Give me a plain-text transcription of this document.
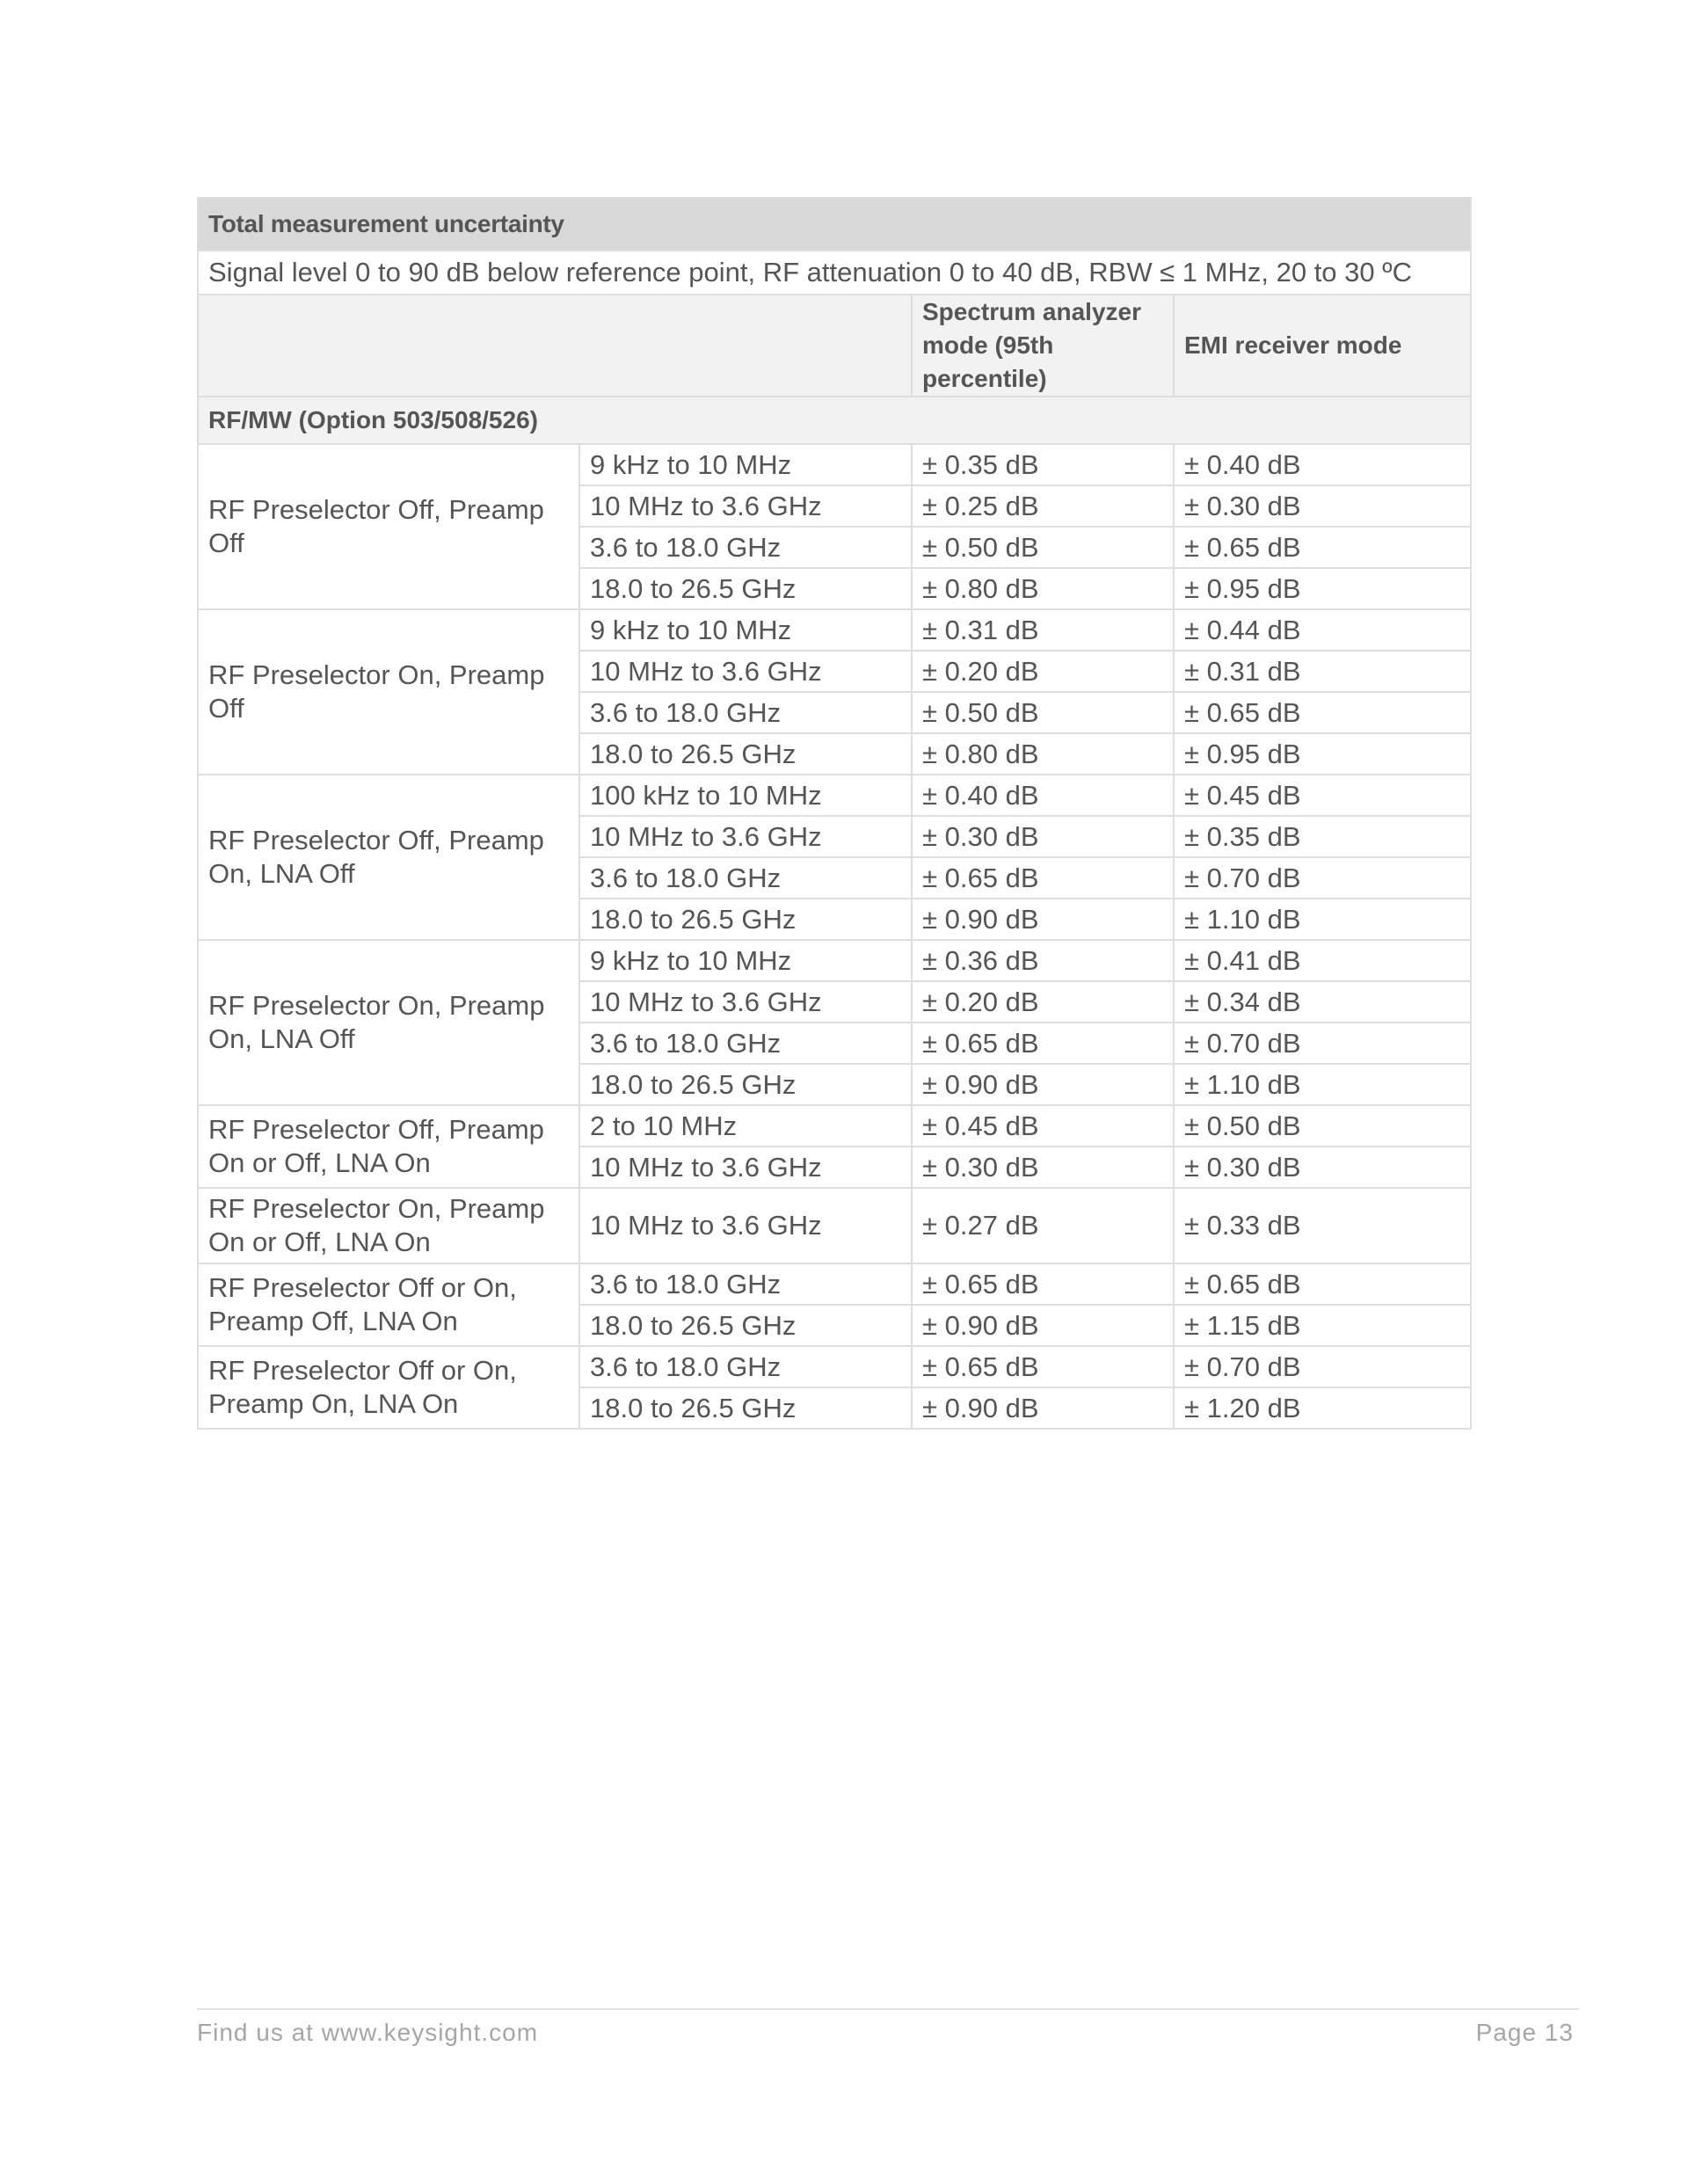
Total measurement uncertainty			
Signal level 0 to 90 dB below reference point, RF attenuation 0 to 40 dB, RBW ≤ 1 MHz, 20 to 30 ºC			
		Spectrum analyzer mode (95th percentile)	EMI receiver mode
RF/MW (Option 503/508/526)			
RF Preselector Off, Preamp Off	9 kHz to 10 MHz	± 0.35 dB	± 0.40 dB
	10 MHz to 3.6 GHz	± 0.25 dB	± 0.30 dB
	3.6 to 18.0 GHz	± 0.50 dB	± 0.65 dB
	18.0 to 26.5 GHz	± 0.80 dB	± 0.95 dB
RF Preselector On, Preamp Off	9 kHz to 10 MHz	± 0.31 dB	± 0.44 dB
	10 MHz to 3.6 GHz	± 0.20 dB	± 0.31 dB
	3.6 to 18.0 GHz	± 0.50 dB	± 0.65 dB
	18.0 to 26.5 GHz	± 0.80 dB	± 0.95 dB
RF Preselector Off, Preamp On, LNA Off	100 kHz to 10 MHz	± 0.40 dB	± 0.45 dB
	10 MHz to 3.6 GHz	± 0.30 dB	± 0.35 dB
	3.6 to 18.0 GHz	± 0.65 dB	± 0.70 dB
	18.0 to 26.5 GHz	± 0.90 dB	± 1.10 dB
RF Preselector On, Preamp On, LNA Off	9 kHz to 10 MHz	± 0.36 dB	± 0.41 dB
	10 MHz to 3.6 GHz	± 0.20 dB	± 0.34 dB
	3.6 to 18.0 GHz	± 0.65 dB	± 0.70 dB
	18.0 to 26.5 GHz	± 0.90 dB	± 1.10 dB
RF Preselector Off, Preamp On or Off, LNA On	2 to 10 MHz	± 0.45 dB	± 0.50 dB
	10 MHz to 3.6 GHz	± 0.30 dB	± 0.30 dB
RF Preselector On, Preamp On or Off, LNA On	10 MHz to 3.6 GHz	± 0.27 dB	± 0.33 dB
RF Preselector Off or On, Preamp Off, LNA On	3.6 to 18.0 GHz	± 0.65 dB	± 0.65 dB
	18.0 to 26.5 GHz	± 0.90 dB	± 1.15 dB
RF Preselector Off or On, Preamp On, LNA On	3.6 to 18.0 GHz	± 0.65 dB	± 0.70 dB
	18.0 to 26.5 GHz	± 0.90 dB	± 1.20 dB
Find us at www.keysight.com	Page 13
